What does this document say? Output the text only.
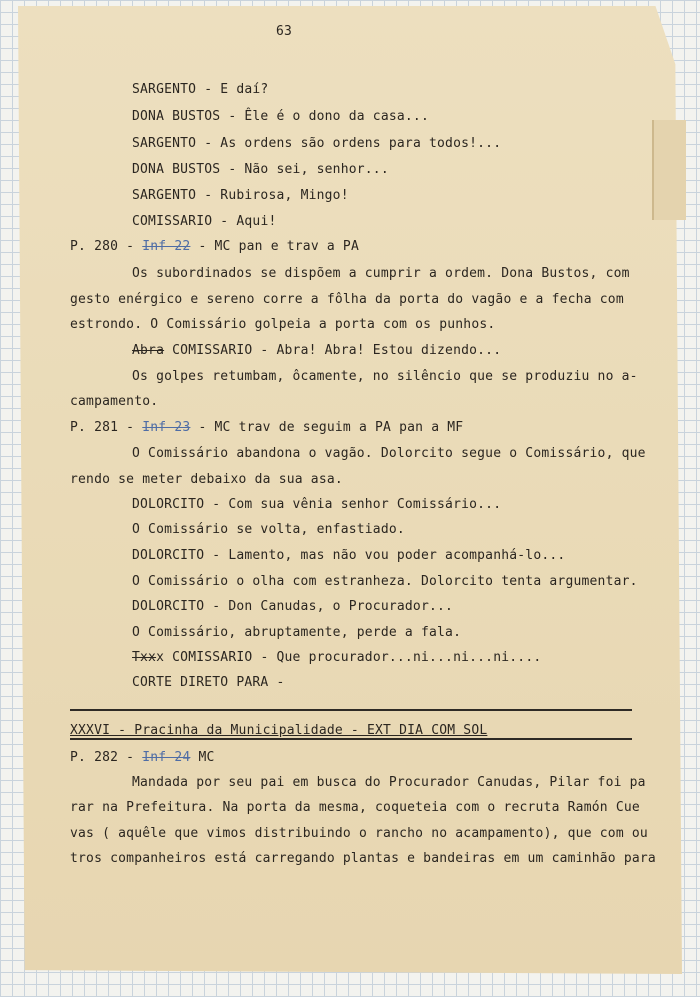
63
SARGENTO - E daí?
DONA BUSTOS - Êle é o dono da casa...
SARGENTO - As ordens são ordens para todos!...
DONA BUSTOS - Não sei, senhor...
SARGENTO - Rubirosa, Mingo!
COMISSARIO - Aqui!
P. 280 - Inf 22 - MC pan e trav a PA
Os subordinados se dispõem a cumprir a ordem. Dona Bustos, com
gesto enérgico e sereno corre a fôlha da porta do vagão e a fecha com
estrondo. O Comissário golpeia a porta com os punhos.
Abra COMISSARIO - Abra! Abra! Estou dizendo...
Os golpes retumbam, ôcamente, no silêncio que se produziu no a-
campamento.
P. 281 - Inf 23 - MC trav de seguim a PA pan a MF
O Comissário abandona o vagão. Dolorcito segue o Comissário, que
rendo se meter debaixo da sua asa.
DOLORCITO - Com sua vênia senhor Comissário...
O Comissário se volta, enfastiado.
DOLORCITO - Lamento, mas não vou poder acompanhá-lo...
O Comissário o olha com estranheza. Dolorcito tenta argumentar.
DOLORCITO - Don Canudas, o Procurador...
O Comissário, abruptamente, perde a fala.
Txxx COMISSARIO - Que procurador...ni...ni...ni....
CORTE DIRETO PARA -
XXXVI - Pracinha da Municipalidade - EXT DIA COM SOL
P. 282 - Inf 24 MC
Mandada por seu pai em busca do Procurador Canudas, Pilar foi pa
rar na Prefeitura. Na porta da mesma, coqueteia com o recruta Ramón Cue
vas ( aquêle que vimos distribuindo o rancho no acampamento), que com ou
tros companheiros está carregando plantas e bandeiras em um caminhão para
